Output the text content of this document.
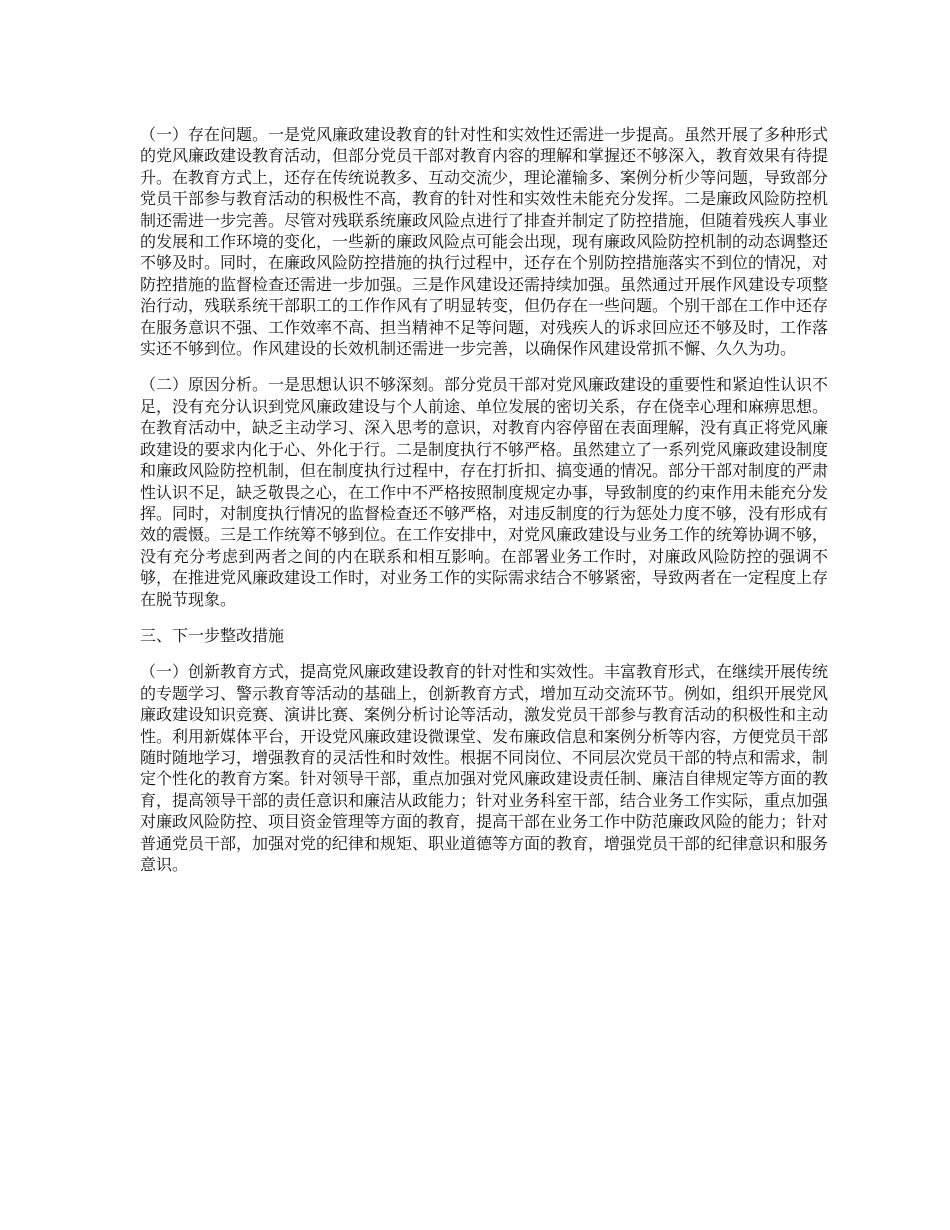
（一）存在问题。一是党风廉政建设教育的针对性和实效性还需进一步提高。虽然开展了多种形式的党风廉政建设教育活动，但部分党员干部对教育内容的理解和掌握还不够深入，教育效果有待提升。在教育方式上，还存在传统说教多、互动交流少，理论灌输多、案例分析少等问题，导致部分党员干部参与教育活动的积极性不高，教育的针对性和实效性未能充分发挥。二是廉政风险防控机制还需进一步完善。尽管对残联系统廉政风险点进行了排查并制定了防控措施，但随着残疾人事业的发展和工作环境的变化，一些新的廉政风险点可能会出现，现有廉政风险防控机制的动态调整还不够及时。同时，在廉政风险防控措施的执行过程中，还存在个别防控措施落实不到位的情况，对防控措施的监督检查还需进一步加强。三是作风建设还需持续加强。虽然通过开展作风建设专项整治行动，残联系统干部职工的工作作风有了明显转变，但仍存在一些问题。个别干部在工作中还存在服务意识不强、工作效率不高、担当精神不足等问题，对残疾人的诉求回应还不够及时，工作落实还不够到位。作风建设的长效机制还需进一步完善，以确保作风建设常抓不懈、久久为功。

（二）原因分析。一是思想认识不够深刻。部分党员干部对党风廉政建设的重要性和紧迫性认识不足，没有充分认识到党风廉政建设与个人前途、单位发展的密切关系，存在侥幸心理和麻痹思想。在教育活动中，缺乏主动学习、深入思考的意识，对教育内容停留在表面理解，没有真正将党风廉政建设的要求内化于心、外化于行。二是制度执行不够严格。虽然建立了一系列党风廉政建设制度和廉政风险防控机制，但在制度执行过程中，存在打折扣、搞变通的情况。部分干部对制度的严肃性认识不足，缺乏敬畏之心，在工作中不严格按照制度规定办事，导致制度的约束作用未能充分发挥。同时，对制度执行情况的监督检查还不够严格，对违反制度的行为惩处力度不够，没有形成有效的震慑。三是工作统筹不够到位。在工作安排中，对党风廉政建设与业务工作的统筹协调不够，没有充分考虑到两者之间的内在联系和相互影响。在部署业务工作时，对廉政风险防控的强调不够，在推进党风廉政建设工作时，对业务工作的实际需求结合不够紧密，导致两者在一定程度上存在脱节现象。

三、下一步整改措施

（一）创新教育方式，提高党风廉政建设教育的针对性和实效性。丰富教育形式，在继续开展传统的专题学习、警示教育等活动的基础上，创新教育方式，增加互动交流环节。例如，组织开展党风廉政建设知识竞赛、演讲比赛、案例分析讨论等活动，激发党员干部参与教育活动的积极性和主动性。利用新媒体平台，开设党风廉政建设微课堂、发布廉政信息和案例分析等内容，方便党员干部随时随地学习，增强教育的灵活性和时效性。根据不同岗位、不同层次党员干部的特点和需求，制定个性化的教育方案。针对领导干部，重点加强对党风廉政建设责任制、廉洁自律规定等方面的教育，提高领导干部的责任意识和廉洁从政能力；针对业务科室干部，结合业务工作实际，重点加强对廉政风险防控、项目资金管理等方面的教育，提高干部在业务工作中防范廉政风险的能力；针对普通党员干部，加强对党的纪律和规矩、职业道德等方面的教育，增强党员干部的纪律意识和服务意识。
